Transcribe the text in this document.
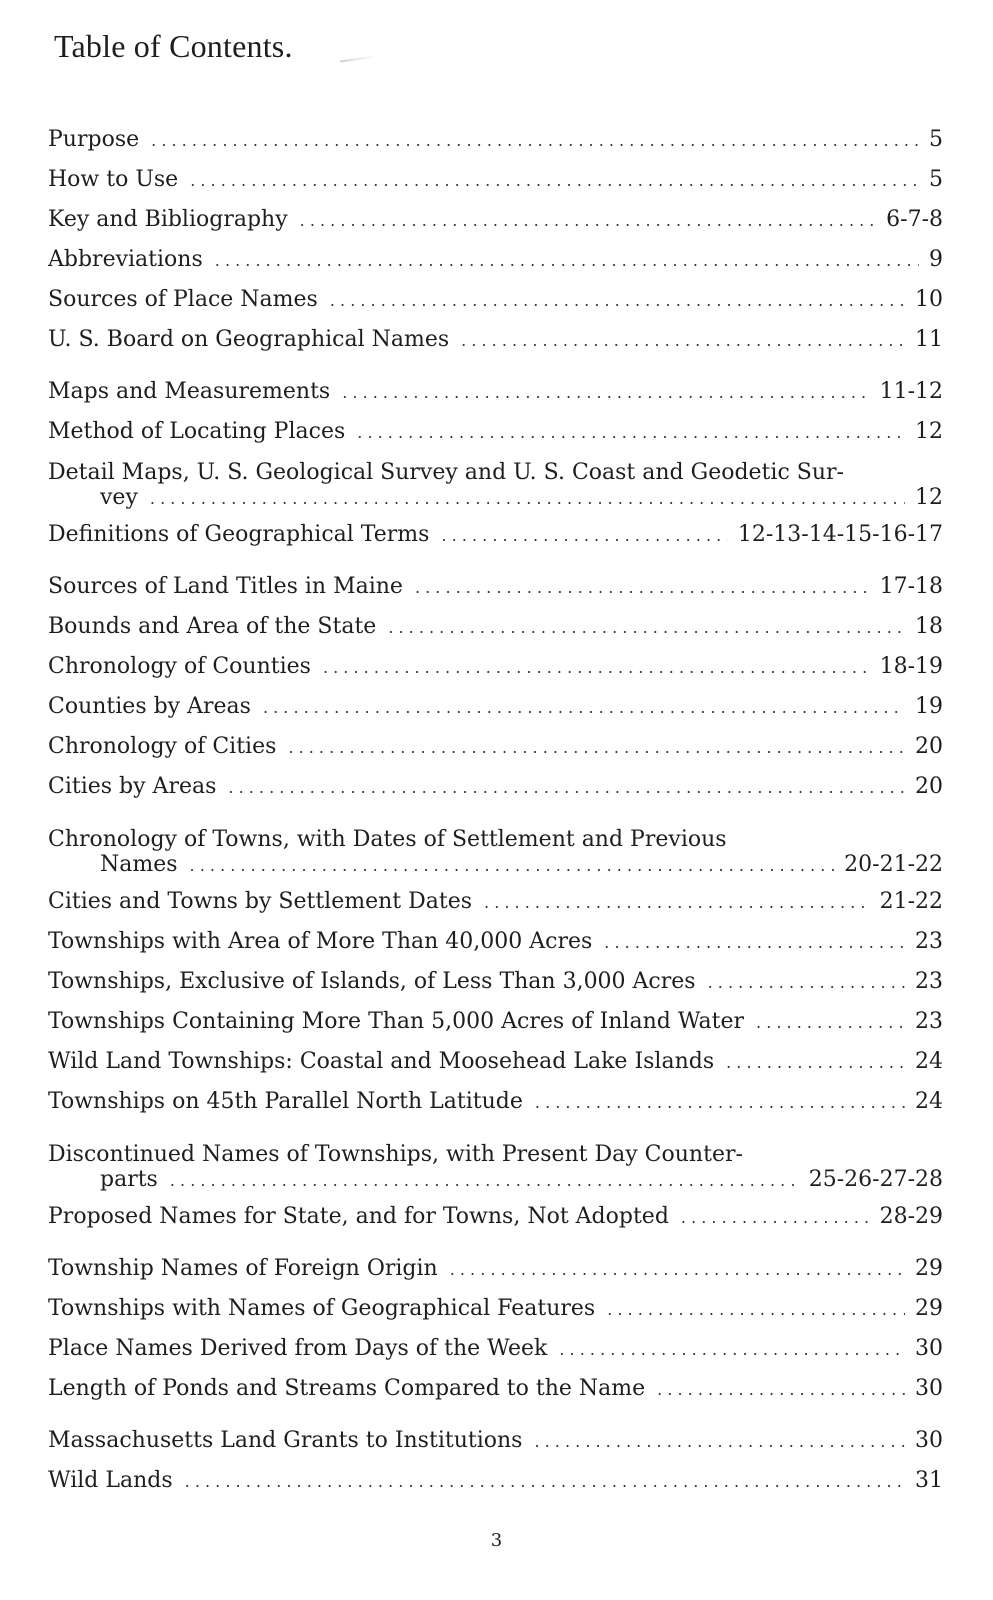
Table of Contents.
Purpose . . .	5
How to Use . . .	5
Key and Bibliography . . .	6-7-8
Abbreviations . . .	9
Sources of Place Names . . .	10
U. S. Board on Geographical Names . . .	11
Maps and Measurements . . .	11-12
Method of Locating Places . . .	12
Detail Maps, U. S. Geological Survey and U. S. Coast and Geodetic Sur-
vey . . .	12
Definitions of Geographical Terms . . .	12-13-14-15-16-17
Sources of Land Titles in Maine . . .	17-18
Bounds and Area of the State . . .	18
Chronology of Counties . . .	18-19
Counties by Areas . . .	19
Chronology of Cities . . .	20
Cities by Areas . . .	20
Chronology of Towns, with Dates of Settlement and Previous
Names . . .	20-21-22
Cities and Towns by Settlement Dates . . .	21-22
Townships with Area of More Than 40,000 Acres . . .	23
Townships, Exclusive of Islands, of Less Than 3,000 Acres . . .	23
Townships Containing More Than 5,000 Acres of Inland Water . . .	23
Wild Land Townships: Coastal and Moosehead Lake Islands . . .	24
Townships on 45th Parallel North Latitude . . .	24
Discontinued Names of Townships, with Present Day Counter-
parts . . .	25-26-27-28
Proposed Names for State, and for Towns, Not Adopted . . .	28-29
Township Names of Foreign Origin . . .	29
Townships with Names of Geographical Features . . .	29
Place Names Derived from Days of the Week . . .	30
Length of Ponds and Streams Compared to the Name . . .	30
Massachusetts Land Grants to Institutions . . .	30
Wild Lands . . .	31
3
